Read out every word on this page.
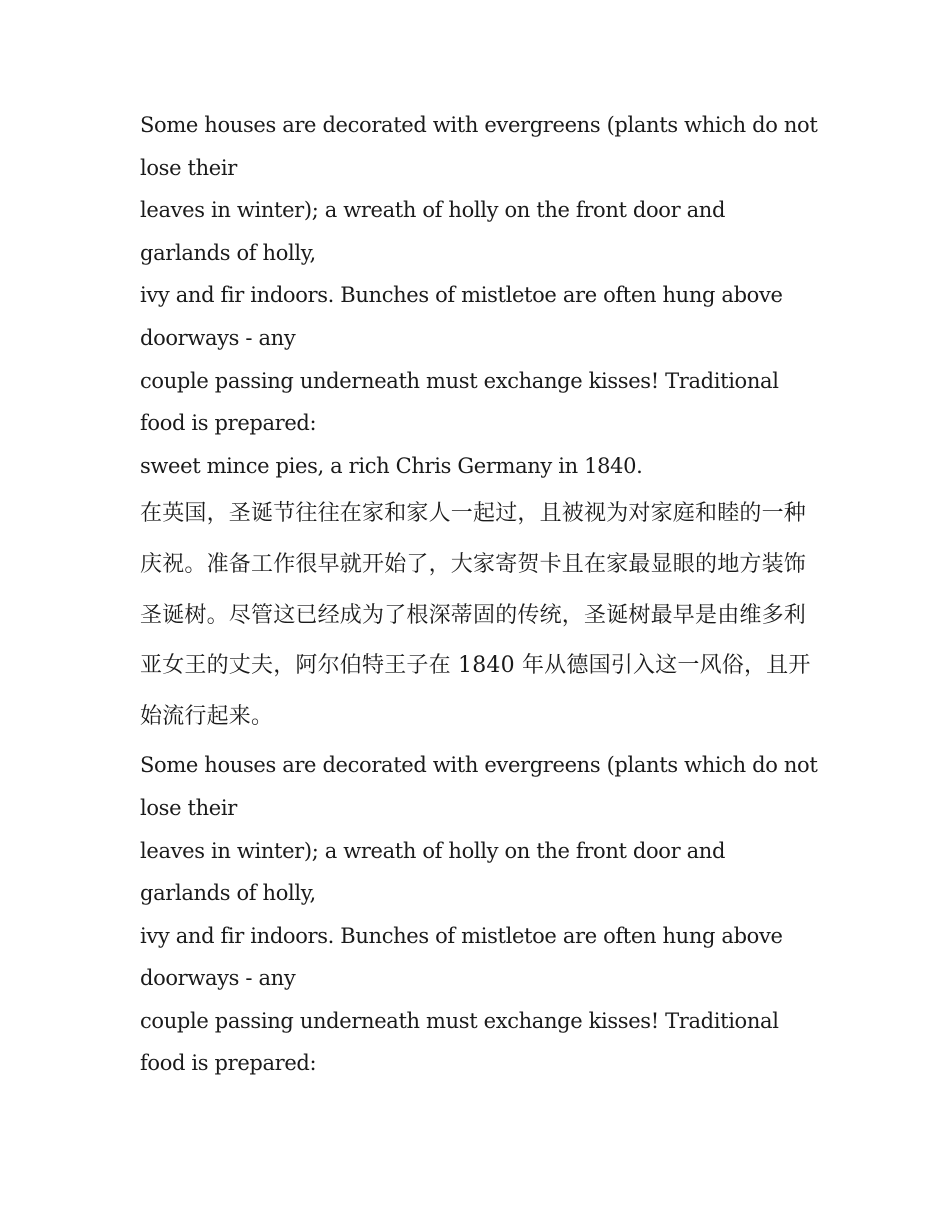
Some houses are decorated with evergreens (plants which do not lose their

leaves in winter); a wreath of holly on the front door and garlands of holly,

ivy and fir indoors. Bunches of mistletoe are often hung above doorways - any

couple passing underneath must exchange kisses! Traditional food is prepared:

sweet mince pies, a rich Chris Germany in 1840.

在英国，圣诞节往往在家和家人一起过，且被视为对家庭和睦的一种庆祝。准备工作很早就开始了，大家寄贺卡且在家最显眼的地方装饰圣诞树。尽管这已经成为了根深蒂固的传统，圣诞树最早是由维多利亚女王的丈夫，阿尔伯特王子在 1840 年从德国引入这一风俗，且开始流行起来。

Some houses are decorated with evergreens (plants which do not lose their

leaves in winter); a wreath of holly on the front door and garlands of holly,

ivy and fir indoors. Bunches of mistletoe are often hung above doorways - any

couple passing underneath must exchange kisses! Traditional food is prepared:
